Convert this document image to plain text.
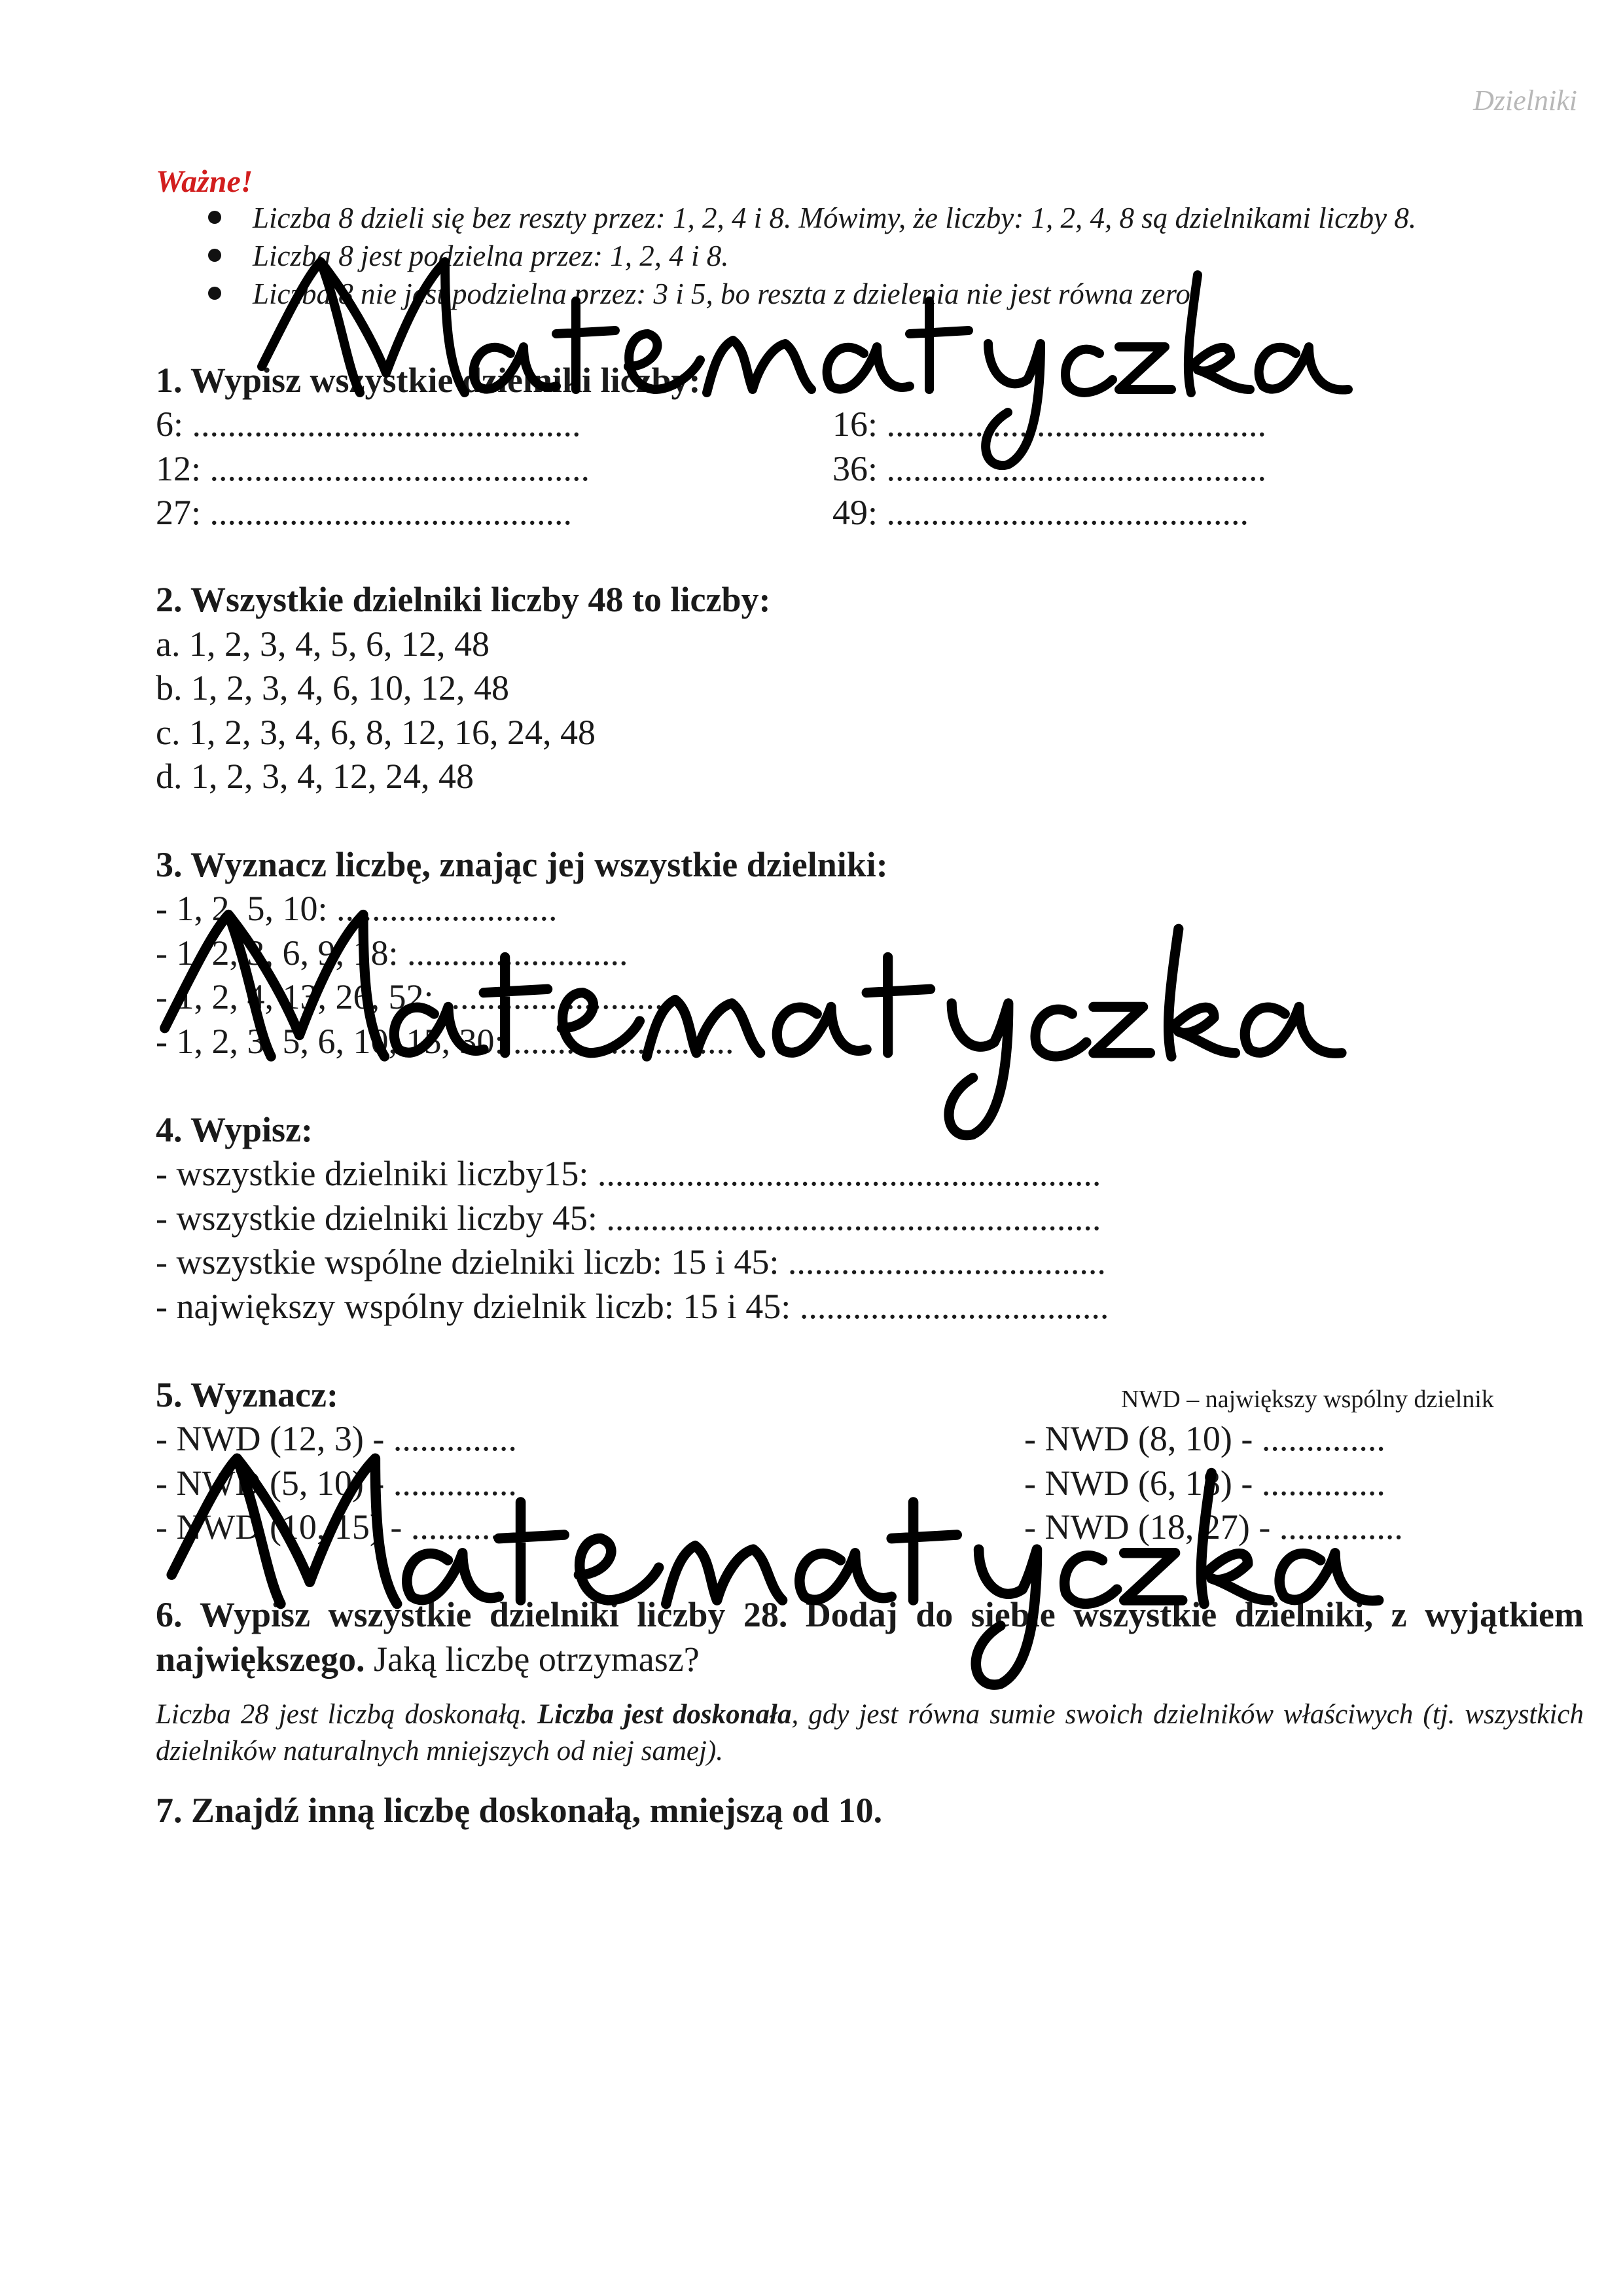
Dzielniki
Ważne!
Liczba 8 dzieli się bez reszty przez: 1, 2, 4 i 8. Mówimy, że liczby: 1, 2, 4, 8 są dzielnikami liczby 8.
Liczba 8 jest podzielna przez: 1, 2, 4 i 8.
Liczba 8 nie jest podzielna przez: 3 i 5, bo reszta z dzielenia nie jest równa zero.
1. Wypisz wszystkie dzielniki liczby:
6: ............................................
12: ...........................................
27: .........................................
16: ...........................................
36: ...........................................
49: .........................................
2. Wszystkie dzielniki liczby 48 to liczby:
a. 1, 2, 3, 4, 5, 6, 12, 48
b. 1, 2, 3, 4, 6, 10, 12, 48
c. 1, 2, 3, 4, 6, 8, 12, 16, 24, 48
d. 1, 2, 3, 4, 12, 24, 48
3. Wyznacz liczbę, znając jej wszystkie dzielniki:
- 1, 2, 5, 10: .........................
- 1, 2, 3, 6, 9, 18: .........................
- 1, 2, 4, 13, 26, 52: .........................
- 1, 2, 3, 5, 6, 10, 15, 30: .........................
4. Wypisz:
- wszystkie dzielniki liczby15: .........................................................
- wszystkie dzielniki liczby 45: ........................................................
- wszystkie wspólne dzielniki liczb: 15 i 45: ....................................
- największy wspólny dzielnik liczb: 15 i 45: ...................................
5. Wyznacz:	NWD – największy wspólny dzielnik
- NWD (12, 3) - ..............
- NWD (5, 10) - ..............
- NWD (10, 15) - ..............
- NWD (8, 10) - ..............
- NWD (6, 18) - ..............
- NWD (18, 27) - ..............
6. Wypisz wszystkie dzielniki liczby 28. Dodaj do siebie wszystkie dzielniki, z wyjątkiem największego. Jaką liczbę otrzymasz?
Liczba 28 jest liczbą doskonałą. Liczba jest doskonała, gdy jest równa sumie swoich dzielników właściwych (tj. wszystkich dzielników naturalnych mniejszych od niej samej).
7. Znajdź inną liczbę doskonałą, mniejszą od 10.
